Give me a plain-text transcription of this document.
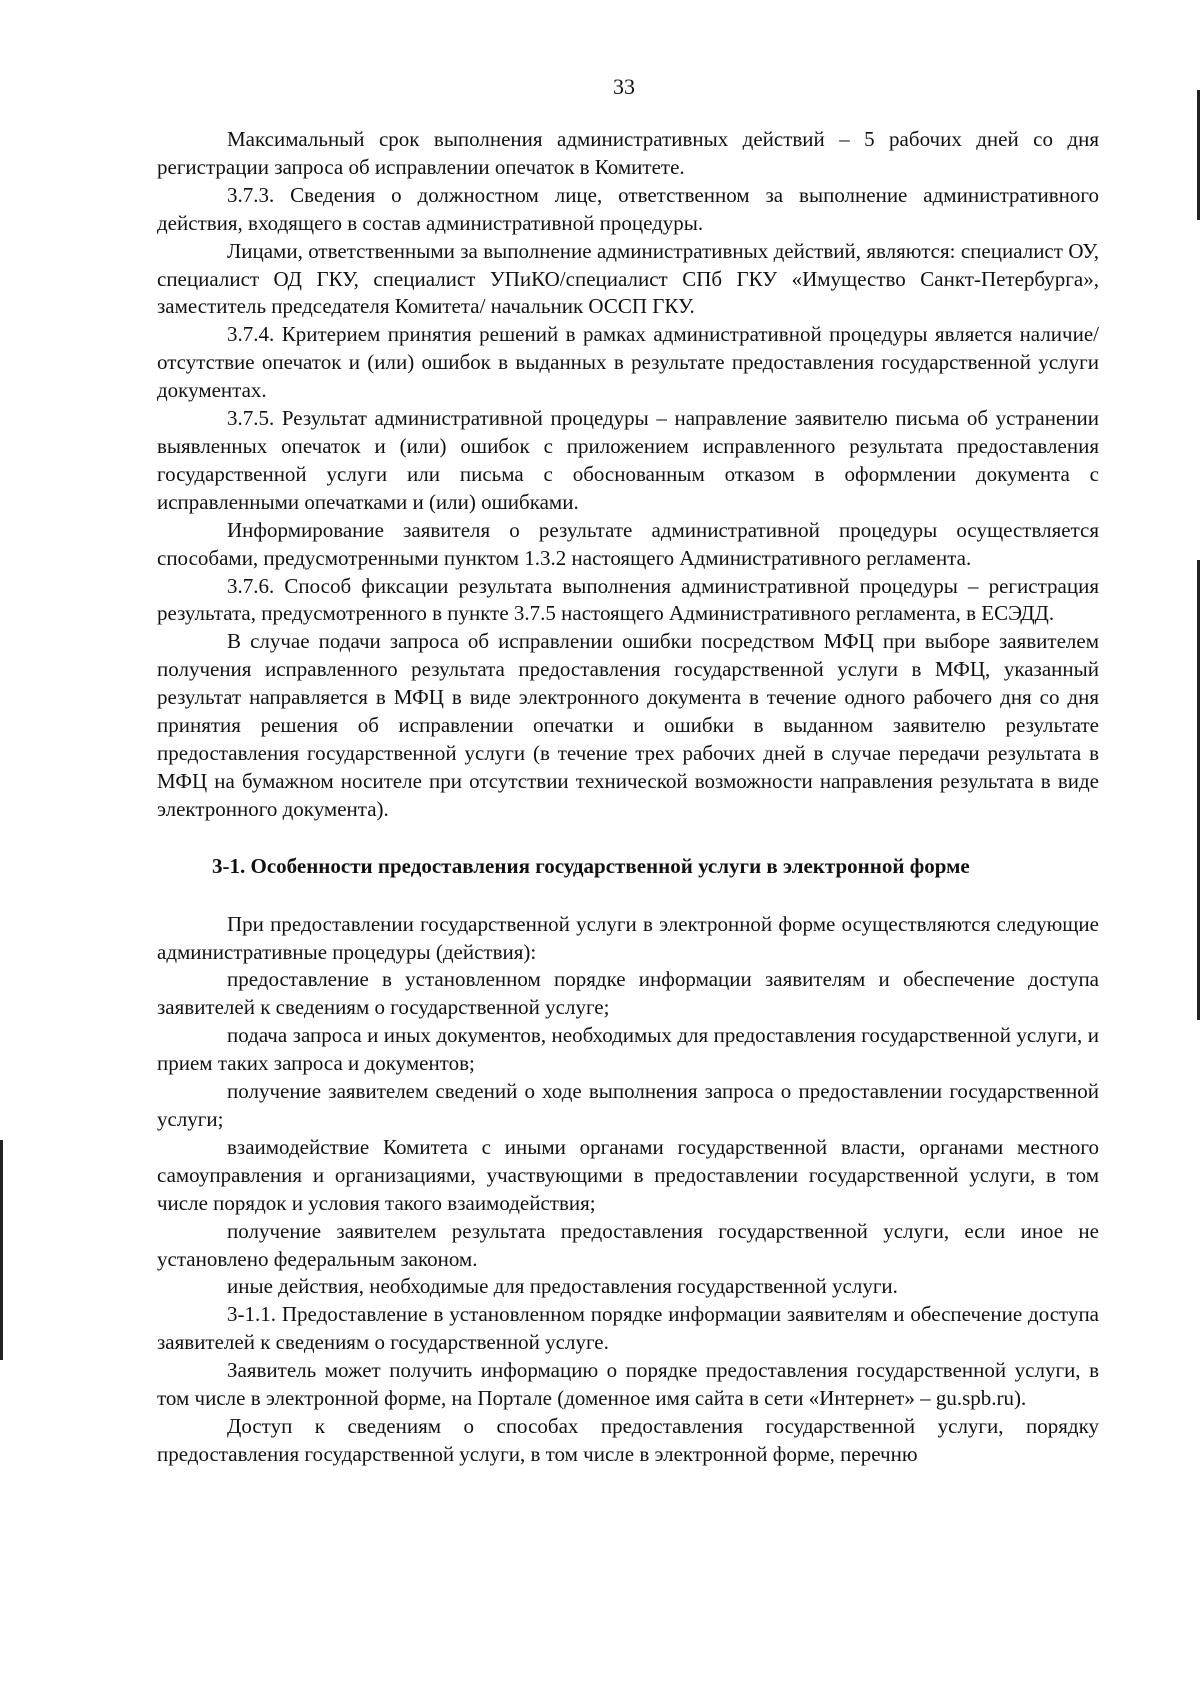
33

Максимальный срок выполнения административных действий – 5 рабочих дней со дня регистрации запроса об исправлении опечаток в Комитете.

3.7.3. Сведения о должностном лице, ответственном за выполнение административного действия, входящего в состав административной процедуры.

Лицами, ответственными за выполнение административных действий, являются: специалист ОУ, специалист ОД ГКУ, специалист УПиКО/специалист СПб ГКУ «Имущество Санкт-Петербурга», заместитель председателя Комитета/ начальник ОССП ГКУ.

3.7.4. Критерием принятия решений в рамках административной процедуры является наличие/отсутствие опечаток и (или) ошибок в выданных в результате предоставления государственной услуги документах.

3.7.5. Результат административной процедуры – направление заявителю письма об устранении выявленных опечаток и (или) ошибок с приложением исправленного результата предоставления государственной услуги или письма с обоснованным отказом в оформлении документа с исправленными опечатками и (или) ошибками.

Информирование заявителя о результате административной процедуры осуществляется способами, предусмотренными пунктом 1.3.2 настоящего Административного регламента.

3.7.6. Способ фиксации результата выполнения административной процедуры – регистрация результата, предусмотренного в пункте 3.7.5 настоящего Административного регламента, в ЕСЭДД.

В случае подачи запроса об исправлении ошибки посредством МФЦ при выборе заявителем получения исправленного результата предоставления государственной услуги в МФЦ, указанный результат направляется в МФЦ в виде электронного документа в течение одного рабочего дня со дня принятия решения об исправлении опечатки и ошибки в выданном заявителю результате предоставления государственной услуги (в течение трех рабочих дней в случае передачи результата в МФЦ на бумажном носителе при отсутствии технической возможности направления результата в виде электронного документа).

3-1. Особенности предоставления государственной услуги в электронной форме

При предоставлении государственной услуги в электронной форме осуществляются следующие административные процедуры (действия):

предоставление в установленном порядке информации заявителям и обеспечение доступа заявителей к сведениям о государственной услуге;

подача запроса и иных документов, необходимых для предоставления государственной услуги, и прием таких запроса и документов;

получение заявителем сведений о ходе выполнения запроса о предоставлении государственной услуги;

взаимодействие Комитета с иными органами государственной власти, органами местного самоуправления и организациями, участвующими в предоставлении государственной услуги, в том числе порядок и условия такого взаимодействия;

получение заявителем результата предоставления государственной услуги, если иное не установлено федеральным законом.

иные действия, необходимые для предоставления государственной услуги.

3-1.1. Предоставление в установленном порядке информации заявителям и обеспечение доступа заявителей к сведениям о государственной услуге.

Заявитель может получить информацию о порядке предоставления государственной услуги, в том числе в электронной форме, на Портале (доменное имя сайта в сети «Интернет» – gu.spb.ru).

Доступ к сведениям о способах предоставления государственной услуги, порядку предоставления государственной услуги, в том числе в электронной форме, перечню
